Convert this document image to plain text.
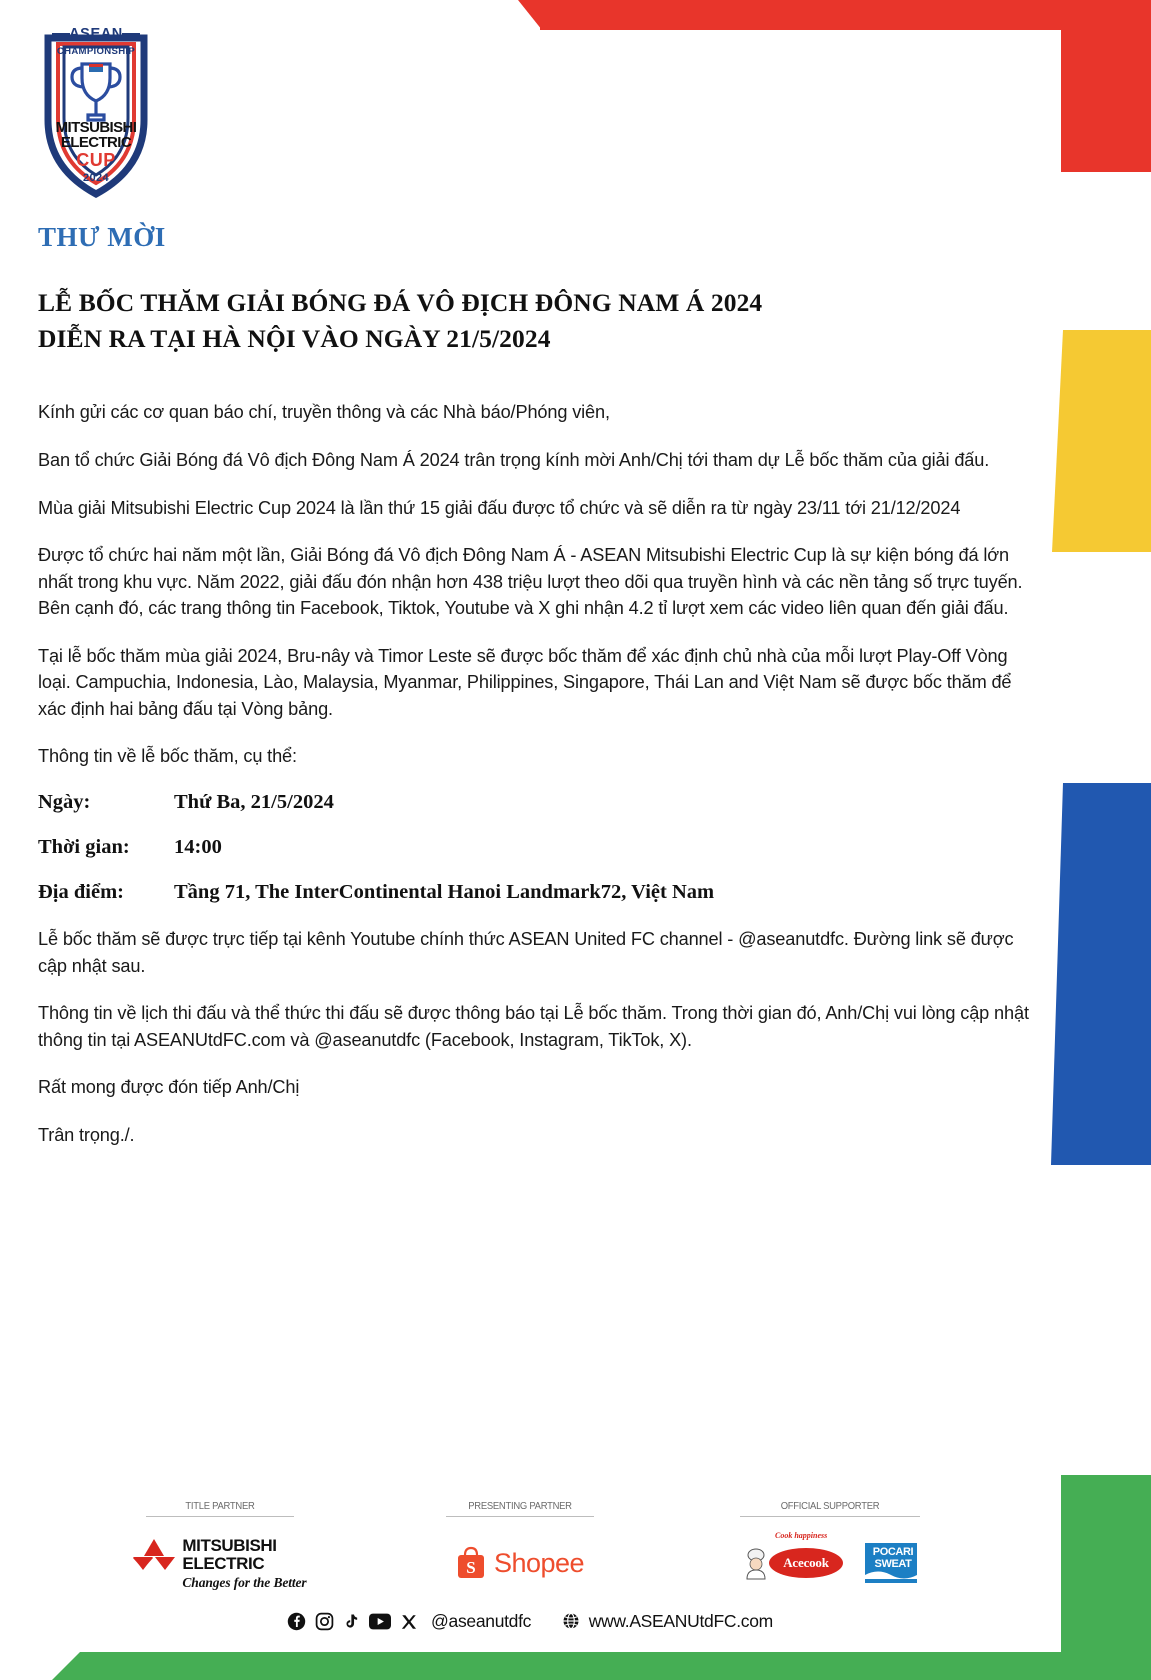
ASEAN
CHAMPIONSHIP
MITSUBISHI
ELECTRIC
CUP
2024
THƯ MỜI
LỄ BỐC THĂM GIẢI BÓNG ĐÁ VÔ ĐỊCH ĐÔNG NAM Á 2024
DIỄN RA TẠI HÀ NỘI VÀO NGÀY 21/5/2024

Kính gửi các cơ quan báo chí, truyền thông và các Nhà báo/Phóng viên,

Ban tổ chức Giải Bóng đá Vô địch Đông Nam Á 2024 trân trọng kính mời Anh/Chị tới tham dự Lễ bốc thăm của giải đấu.

Mùa giải Mitsubishi Electric Cup 2024 là lần thứ 15 giải đấu được tổ chức và sẽ diễn ra từ ngày 23/11 tới 21/12/2024

Được tổ chức hai năm một lần, Giải Bóng đá Vô địch Đông Nam Á - ASEAN Mitsubishi Electric Cup là sự kiện bóng đá lớn nhất trong khu vực. Năm 2022, giải đấu đón nhận hơn 438 triệu lượt theo dõi qua truyền hình và các nền tảng số trực tuyến. Bên cạnh đó, các trang thông tin Facebook, Tiktok, Youtube và X ghi nhận 4.2 tỉ lượt xem các video liên quan đến giải đấu.

Tại lễ bốc thăm mùa giải 2024, Bru-nây và Timor Leste sẽ được bốc thăm để xác định chủ nhà của mỗi lượt Play-Off Vòng loại. Campuchia, Indonesia, Lào, Malaysia, Myanmar, Philippines, Singapore, Thái Lan and Việt Nam sẽ được bốc thăm để xác định hai bảng đấu tại Vòng bảng.

Thông tin về lễ bốc thăm, cụ thể:

Ngày:	Thứ Ba, 21/5/2024
Thời gian:	14:00
Địa điểm:	Tầng 71, The InterContinental Hanoi Landmark72, Việt Nam

Lễ bốc thăm sẽ được trực tiếp tại kênh Youtube chính thức ASEAN United FC channel - @aseanutdfc. Đường link sẽ được cập nhật sau.

Thông tin về lịch thi đấu và thể thức thi đấu sẽ được thông báo tại Lễ bốc thăm. Trong thời gian đó, Anh/Chị vui lòng cập nhật thông tin tại ASEANUtdFC.com và @aseanutdfc (Facebook, Instagram, TikTok, X).

Rất mong được đón tiếp Anh/Chị

Trân trọng./.

TITLE PARTNER
MITSUBISHI
ELECTRIC
Changes for the Better
PRESENTING PARTNER
S Shopee
OFFICIAL SUPPORTER
Cook happiness
Acecook
POCARI
SWEAT
@aseanutdfc	www.ASEANUtdFC.com
